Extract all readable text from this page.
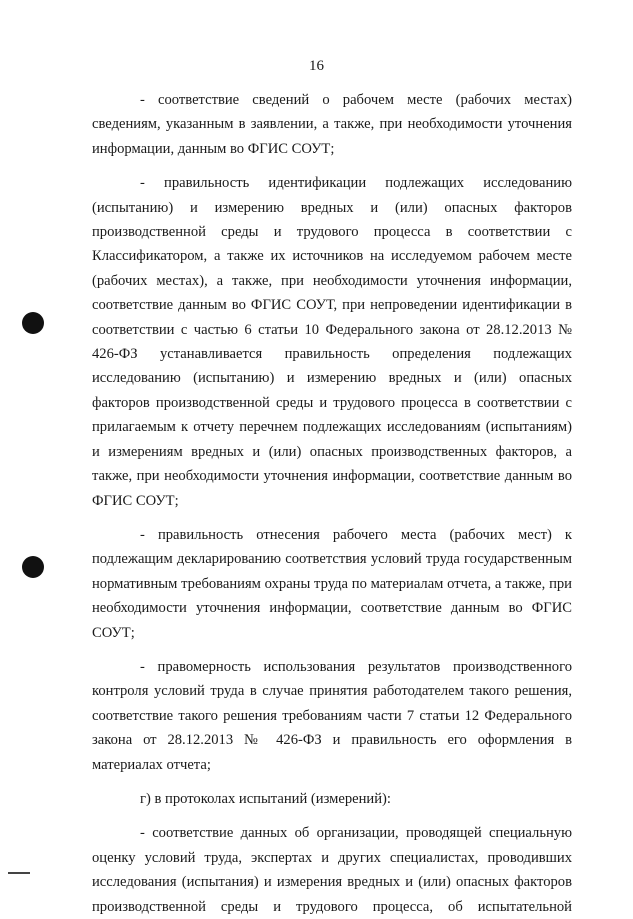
16

- соответствие сведений о рабочем месте (рабочих местах) сведениям, указанным в заявлении, а также, при необходимости уточнения информации, данным во ФГИС СОУТ;

- правильность идентификации подлежащих исследованию (испытанию) и измерению вредных и (или) опасных факторов производственной среды и трудового процесса в соответствии с Классификатором, а также их источников на исследуемом рабочем месте (рабочих местах), а также, при необходимости уточнения информации, соответствие данным во ФГИС СОУТ, при непроведении идентификации в соответствии с частью 6 статьи 10 Федерального закона от 28.12.2013 № 426-ФЗ устанавливается правильность определения подлежащих исследованию (испытанию) и измерению вредных и (или) опасных факторов производственной среды и трудового процесса в соответствии с прилагаемым к отчету перечнем подлежащих исследованиям (испытаниям) и измерениям вредных и (или) опасных производственных факторов, а также, при необходимости уточнения информации, соответствие данным во ФГИС СОУТ;

- правильность отнесения рабочего места (рабочих мест) к подлежащим декларированию соответствия условий труда государственным нормативным требованиям охраны труда по материалам отчета, а также, при необходимости уточнения информации, соответствие данным во ФГИС СОУТ;

- правомерность использования результатов производственного контроля условий труда в случае принятия работодателем такого решения, соответствие такого решения требованиям части 7 статьи 12 Федерального закона от 28.12.2013 № 426-ФЗ и правильность его оформления в материалах отчета;

г) в протоколах испытаний (измерений):

- соответствие данных об организации, проводящей специальную оценку условий труда, экспертах и других специалистах, проводивших исследования (испытания) и измерения вредных и (или) опасных факторов производственной среды и трудового процесса, об испытательной
